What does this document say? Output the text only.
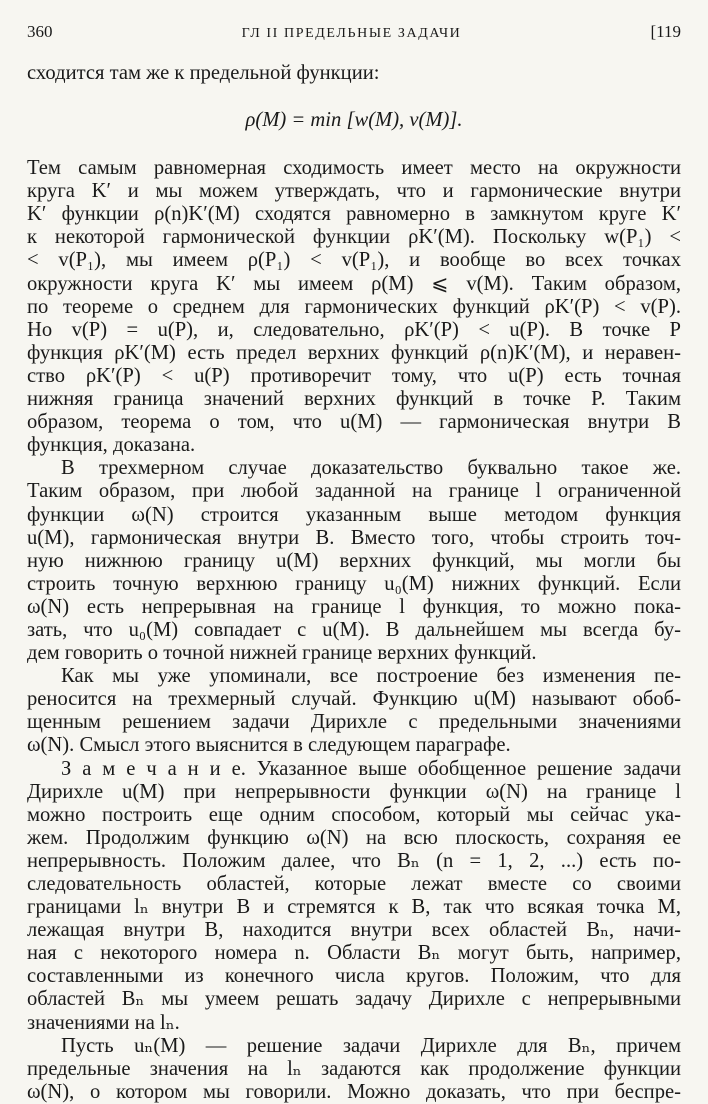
360	ГЛ II ПРЕДЕЛЬНЫЕ ЗАДАЧИ	[119
сходится там же к предельной функции:
ρ(M) = min [w(M), v(M)].
Тем самым равномерная сходимость имеет место на окружности
круга K′ и мы можем утверждать, что и гармонические внутри
K′ функции ρ(n)K′(M) сходятся равномерно в замкнутом круге K′
к некоторой гармонической функции ρK′(M). Поскольку w(P₁) <
< v(P₁), мы имеем ρ(P₁) < v(P₁), и вообще во всех точках
окружности круга K′ мы имеем ρ(M) ⩽ v(M). Таким образом,
по теореме о среднем для гармонических функций ρK′(P) < v(P).
Но v(P) = u(P), и, следовательно, ρK′(P) < u(P). В точке P
функция ρK′(M) есть предел верхних функций ρ(n)K′(M), и неравен-
ство ρK′(P) < u(P) противоречит тому, что u(P) есть точная
нижняя граница значений верхних функций в точке P. Таким
образом, теорема о том, что u(M) — гармоническая внутри B
функция, доказана.
В трехмерном случае доказательство буквально такое же.
Таким образом, при любой заданной на границе l ограниченной
функции ω(N) строится указанным выше методом функция
u(M), гармоническая внутри B. Вместо того, чтобы строить точ-
ную нижнюю границу u(M) верхних функций, мы могли бы
строить точную верхнюю границу u₀(M) нижних функций. Если
ω(N) есть непрерывная на границе l функция, то можно пока-
зать, что u₀(M) совпадает с u(M). В дальнейшем мы всегда бу-
дем говорить о точной нижней границе верхних функций.
Как мы уже упоминали, все построение без изменения пе-
реносится на трехмерный случай. Функцию u(M) называют обоб-
щенным решением задачи Дирихле с предельными значениями
ω(N). Смысл этого выяснится в следующем параграфе.
З а м е ч а н и е. Указанное выше обобщенное решение задачи
Дирихле u(M) при непрерывности функции ω(N) на границе l
можно построить еще одним способом, который мы сейчас ука-
жем. Продолжим функцию ω(N) на всю плоскость, сохраняя ее
непрерывность. Положим далее, что Bₙ (n = 1, 2, ...) есть по-
следовательность областей, которые лежат вместе со своими
границами lₙ внутри B и стремятся к B, так что всякая точка M,
лежащая внутри B, находится внутри всех областей Bₙ, начи-
ная с некоторого номера n. Области Bₙ могут быть, например,
составленными из конечного числа кругов. Положим, что для
областей Bₙ мы умеем решать задачу Дирихле с непрерывными
значениями на lₙ.
Пусть uₙ(M) — решение задачи Дирихле для Bₙ, причем
предельные значения на lₙ задаются как продолжение функции
ω(N), о котором мы говорили. Можно доказать, что при беспре-
